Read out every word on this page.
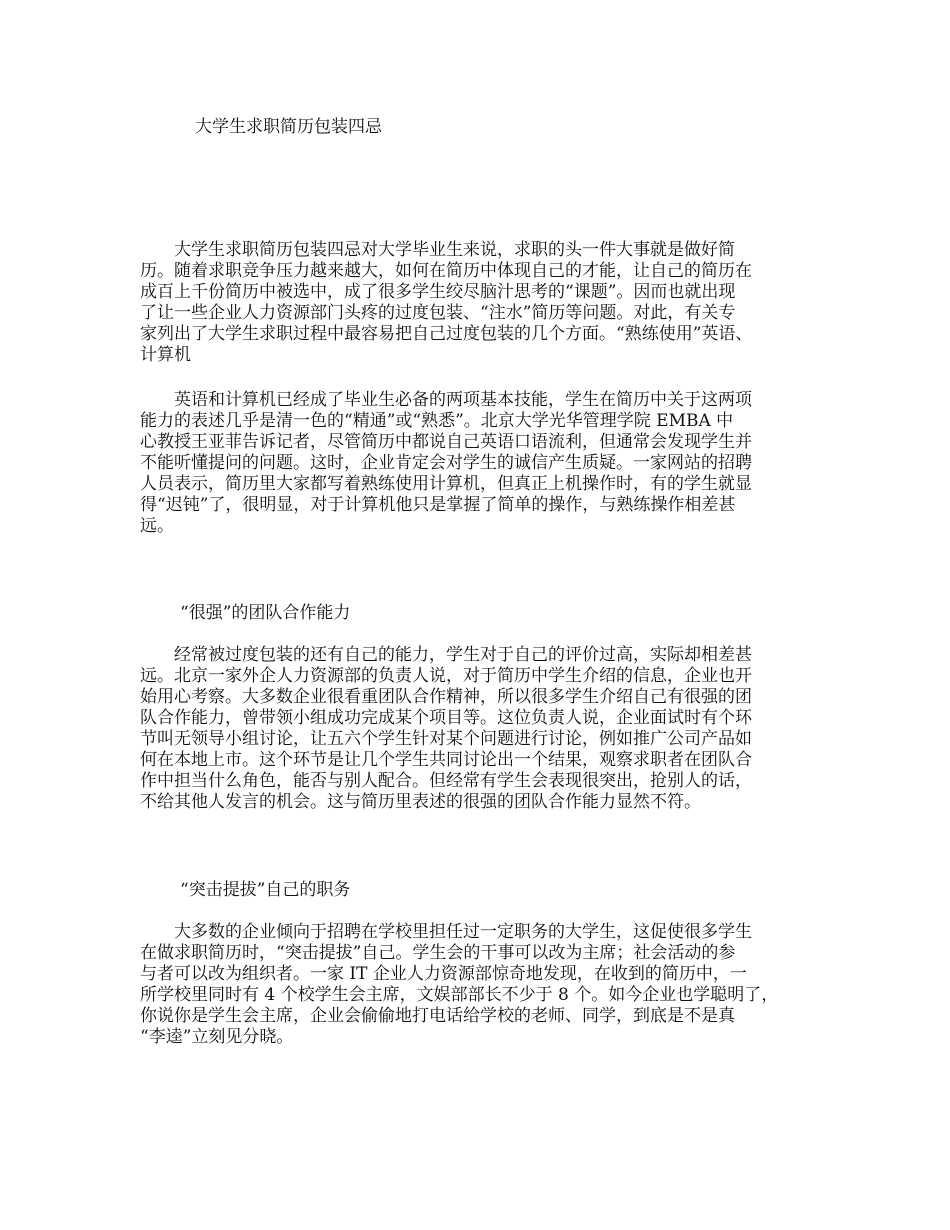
大学生求职简历包装四忌
　　大学生求职简历包装四忌对大学毕业生来说，求职的头一件大事就是做好简
历。随着求职竞争压力越来越大，如何在简历中体现自己的才能，让自己的简历在
成百上千份简历中被选中，成了很多学生绞尽脑汁思考的“课题”。因而也就出现
了让一些企业人力资源部门头疼的过度包装、“注水”简历等问题。对此，有关专
家列出了大学生求职过程中最容易把自己过度包装的几个方面。“熟练使用”英语、
计算机
　　英语和计算机已经成了毕业生必备的两项基本技能，学生在简历中关于这两项
能力的表述几乎是清一色的“精通”或“熟悉”。北京大学光华管理学院 EMBA 中
心教授王亚菲告诉记者，尽管简历中都说自己英语口语流利，但通常会发现学生并
不能听懂提问的问题。这时，企业肯定会对学生的诚信产生质疑。一家网站的招聘
人员表示，简历里大家都写着熟练使用计算机，但真正上机操作时，有的学生就显
得“迟钝”了，很明显，对于计算机他只是掌握了简单的操作，与熟练操作相差甚
远。
“很强”的团队合作能力
　　经常被过度包装的还有自己的能力，学生对于自己的评价过高，实际却相差甚
远。北京一家外企人力资源部的负责人说，对于简历中学生介绍的信息，企业也开
始用心考察。大多数企业很看重团队合作精神，所以很多学生介绍自己有很强的团
队合作能力，曾带领小组成功完成某个项目等。这位负责人说，企业面试时有个环
节叫无领导小组讨论，让五六个学生针对某个问题进行讨论，例如推广公司产品如
何在本地上市。这个环节是让几个学生共同讨论出一个结果，观察求职者在团队合
作中担当什么角色，能否与别人配合。但经常有学生会表现很突出，抢别人的话，
不给其他人发言的机会。这与简历里表述的很强的团队合作能力显然不符。
“突击提拔”自己的职务
　　大多数的企业倾向于招聘在学校里担任过一定职务的大学生，这促使很多学生
在做求职简历时，“突击提拔”自己。学生会的干事可以改为主席；社会活动的参
与者可以改为组织者。一家 IT 企业人力资源部惊奇地发现，在收到的简历中，一
所学校里同时有 4 个校学生会主席，文娱部部长不少于 8 个。如今企业也学聪明了，
你说你是学生会主席，企业会偷偷地打电话给学校的老师、同学，到底是不是真
“李逵”立刻见分晓。
